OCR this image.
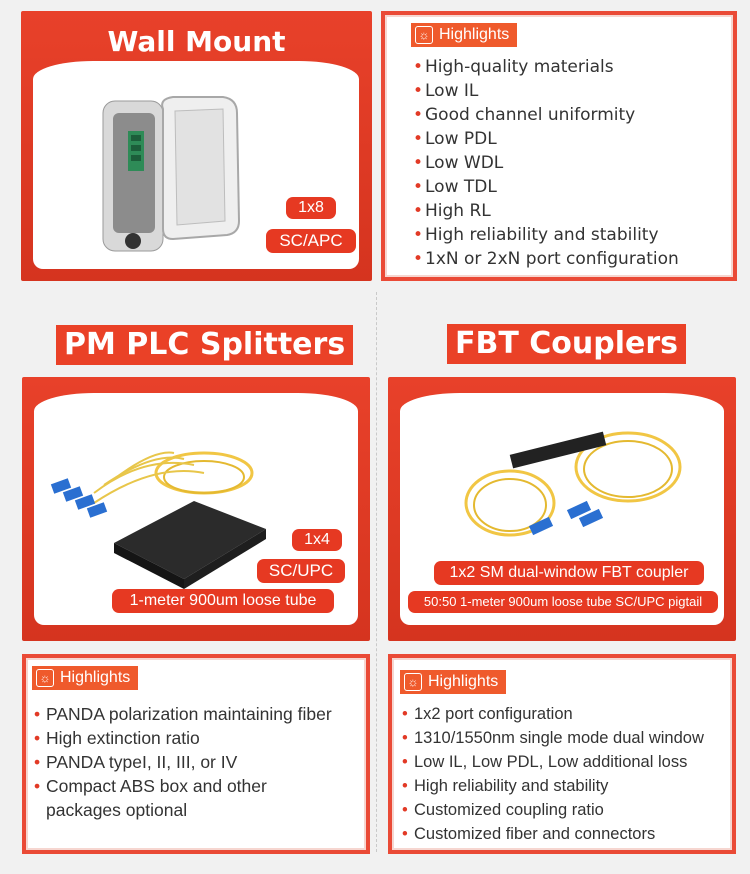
Wall Mount
1x8
SC/APC
☼ Highlights
• High-quality materials
• Low IL
• Good channel uniformity
• Low PDL
• Low WDL
• Low TDL
• High RL
• High reliability and stability
• 1xN or 2xN port configuration
PM PLC Splitters	FBT Couplers
1x4
SC/UPC
1-meter 900um loose tube
1x2 SM dual-window FBT coupler
50:50 1-meter 900um loose tube SC/UPC pigtail
☼ Highlights
• PANDA polarization maintaining fiber
• High extinction ratio
• PANDA typeI, II, III, or IV
• Compact ABS box and other packages optional
☼ Highlights
• 1x2 port configuration
• 1310/1550nm single mode dual window
• Low IL, Low PDL, Low additional loss
• High reliability and stability
• Customized coupling ratio
• Customized fiber and connectors
